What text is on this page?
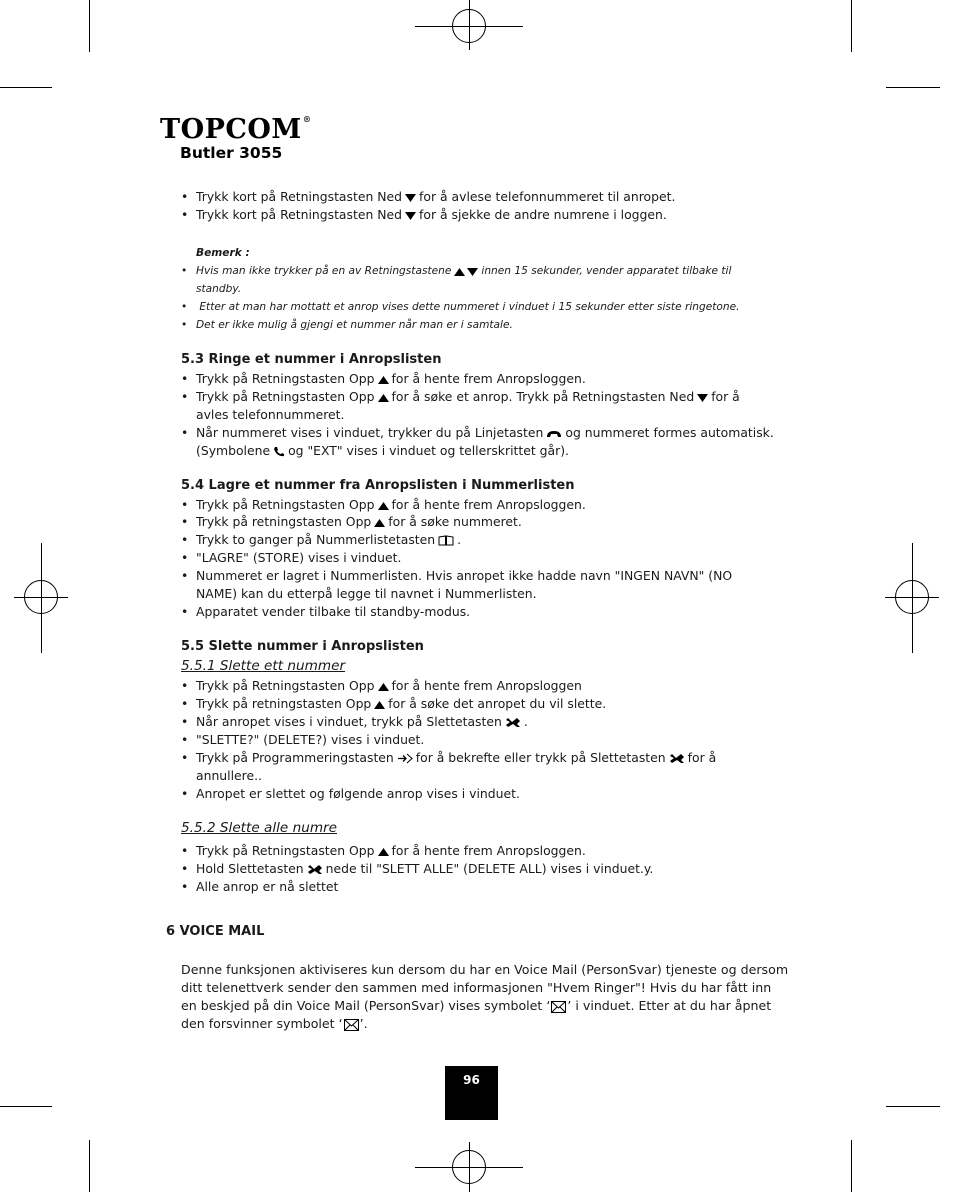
TOPCOM®
Butler 3055
• Trykk kort på Retningstasten Ned for å avlese telefonnummeret til anropet.
• Trykk kort på Retningstasten Ned for å sjekke de andre numrene i loggen.
Bemerk :
• Hvis man ikke trykker på en av Retningstastene	innen 15 sekunder, vender apparatet tilbake til
standby.
• Etter at man har mottatt et anrop vises dette nummeret i vinduet i 15 sekunder etter siste ringetone.
• Det er ikke mulig å gjengi et nummer når man er i samtale.
5.3 Ringe et nummer i Anropslisten
• Trykk på Retningstasten Opp for å hente frem Anropsloggen.
• Trykk på Retningstasten Opp for å søke et anrop. Trykk på Retningstasten Ned for å
avles telefonnummeret.
• Når nummeret vises i vinduet, trykker du på Linjetasten og nummeret formes automatisk.
(Symbolene og "EXT" vises i vinduet og tellerskrittet går).
5.4 Lagre et nummer fra Anropslisten i Nummerlisten
• Trykk på Retningstasten Opp for å hente frem Anropsloggen.
• Trykk på retningstasten Opp for å søke nummeret.
• Trykk to ganger på Nummerlistetasten .
• "LAGRE" (STORE) vises i vinduet.
• Nummeret er lagret i Nummerlisten. Hvis anropet ikke hadde navn "INGEN NAVN" (NO
NAME) kan du etterpå legge til navnet i Nummerlisten.
• Apparatet vender tilbake til standby-modus.
5.5 Slette nummer i Anropslisten
5.5.1 Slette ett nummer
• Trykk på Retningstasten Opp for å hente frem Anropsloggen
• Trykk på retningstasten Opp for å søke det anropet du vil slette.
• Når anropet vises i vinduet, trykk på Slettetasten .
• "SLETTE?" (DELETE?) vises i vinduet.
• Trykk på Programmeringstasten for å bekrefte eller trykk på Slettetasten for å
annullere..
• Anropet er slettet og følgende anrop vises i vinduet.
5.5.2 Slette alle numre
• Trykk på Retningstasten Opp for å hente frem Anropsloggen.
• Hold Slettetasten nede til "SLETT ALLE" (DELETE ALL) vises i vinduet.y.
• Alle anrop er nå slettet
6 VOICE MAIL
Denne funksjonen aktiviseres kun dersom du har en Voice Mail (PersonSvar) tjeneste og dersom
ditt telenettverk sender den sammen med informasjonen "Hvem Ringer"! Hvis du har fått inn
en beskjed på din Voice Mail (PersonSvar) vises symbolet ‘ ’ i vinduet. Etter at du har åpnet
den forsvinner symbolet ‘ ’.
96
